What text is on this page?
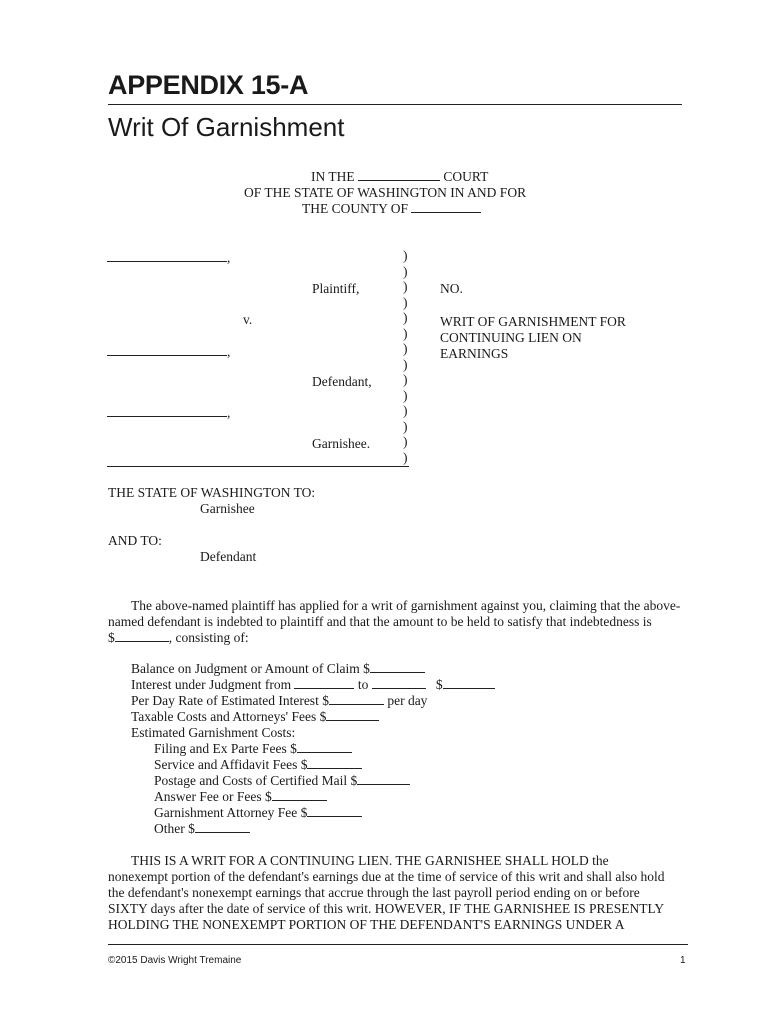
APPENDIX 15-A
Writ Of Garnishment
IN THE	COURT
OF THE STATE OF WASHINGTON IN AND FOR
THE COUNTY OF
,
Plaintiff,
v.
,
Defendant,
,
Garnishee.
)
)
)
)
)
)
)
)
)
)
)
)
)
)
NO.
WRIT OF GARNISHMENT FOR
CONTINUING LIEN ON
EARNINGS
THE STATE OF WASHINGTON TO:
Garnishee
AND TO:
Defendant
The above-named plaintiff has applied for a writ of garnishment against you, claiming that the above-
named defendant is indebted to plaintiff and that the amount to be held to satisfy that indebtedness is
$	, consisting of:
Balance on Judgment or Amount of Claim $
Interest under Judgment from	to	$
Per Day Rate of Estimated Interest $	per day
Taxable Costs and Attorneys' Fees $
Estimated Garnishment Costs:
Filing and Ex Parte Fees $
Service and Affidavit Fees $
Postage and Costs of Certified Mail $
Answer Fee or Fees $
Garnishment Attorney Fee $
Other $
THIS IS A WRIT FOR A CONTINUING LIEN. THE GARNISHEE SHALL HOLD the
nonexempt portion of the defendant's earnings due at the time of service of this writ and shall also hold
the defendant's nonexempt earnings that accrue through the last payroll period ending on or before
SIXTY days after the date of service of this writ. HOWEVER, IF THE GARNISHEE IS PRESENTLY
HOLDING THE NONEXEMPT PORTION OF THE DEFENDANT'S EARNINGS UNDER A
©2015 Davis Wright Tremaine	1
